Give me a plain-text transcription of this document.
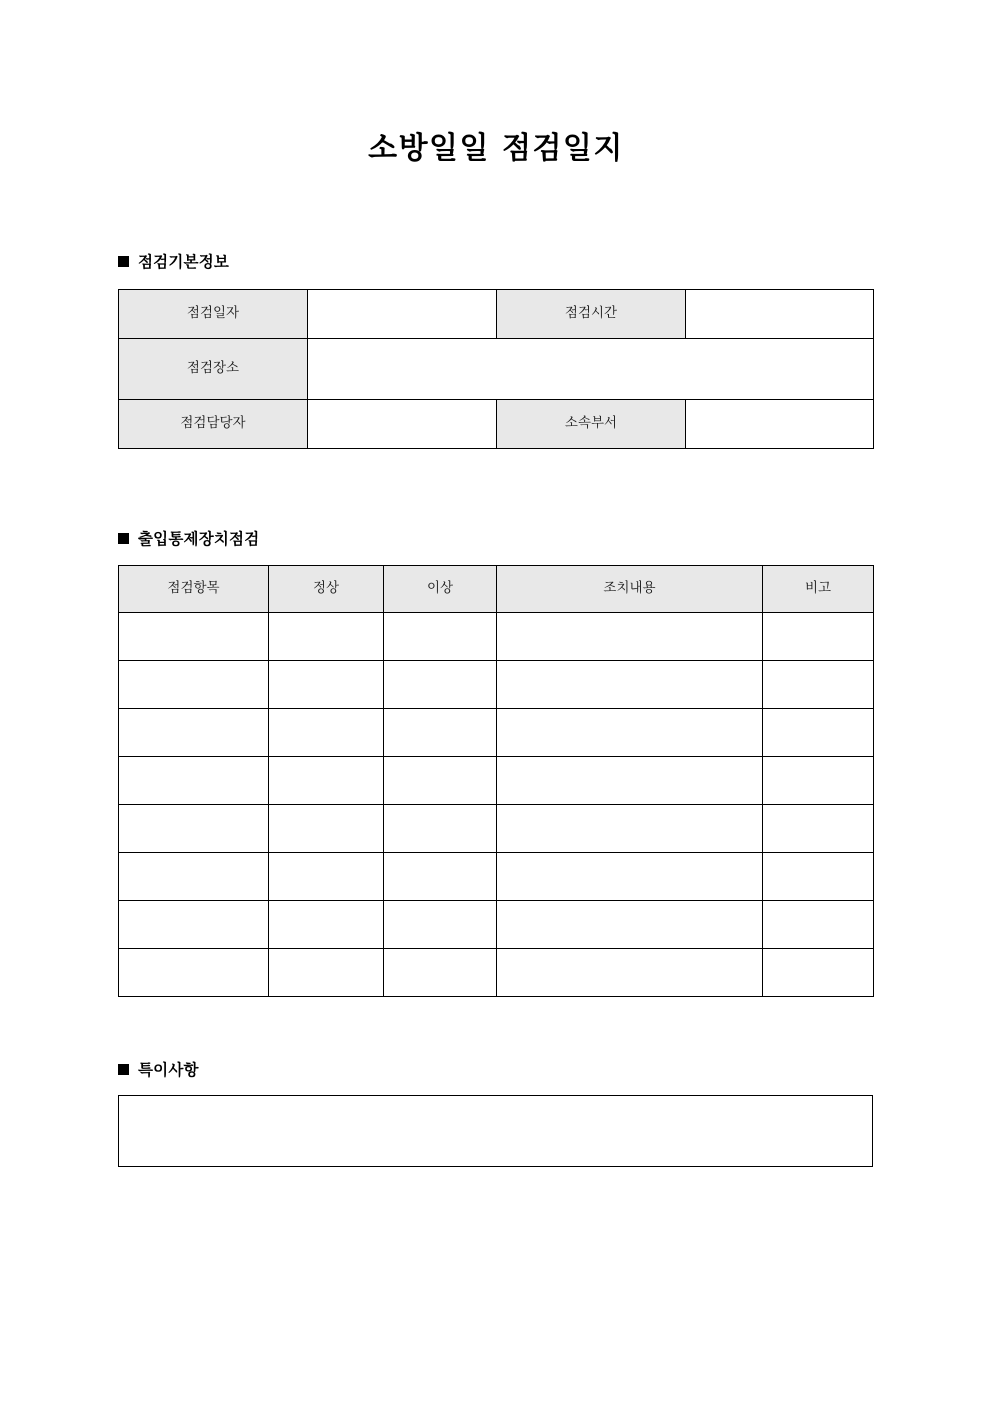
소방일일 점검일지
점검기본정보
점검일자		점검시간	
점검장소			
점검담당자		소속부서	
출입통제장치점검
점검항목	정상	이상	조치내용	비고

특이사항
